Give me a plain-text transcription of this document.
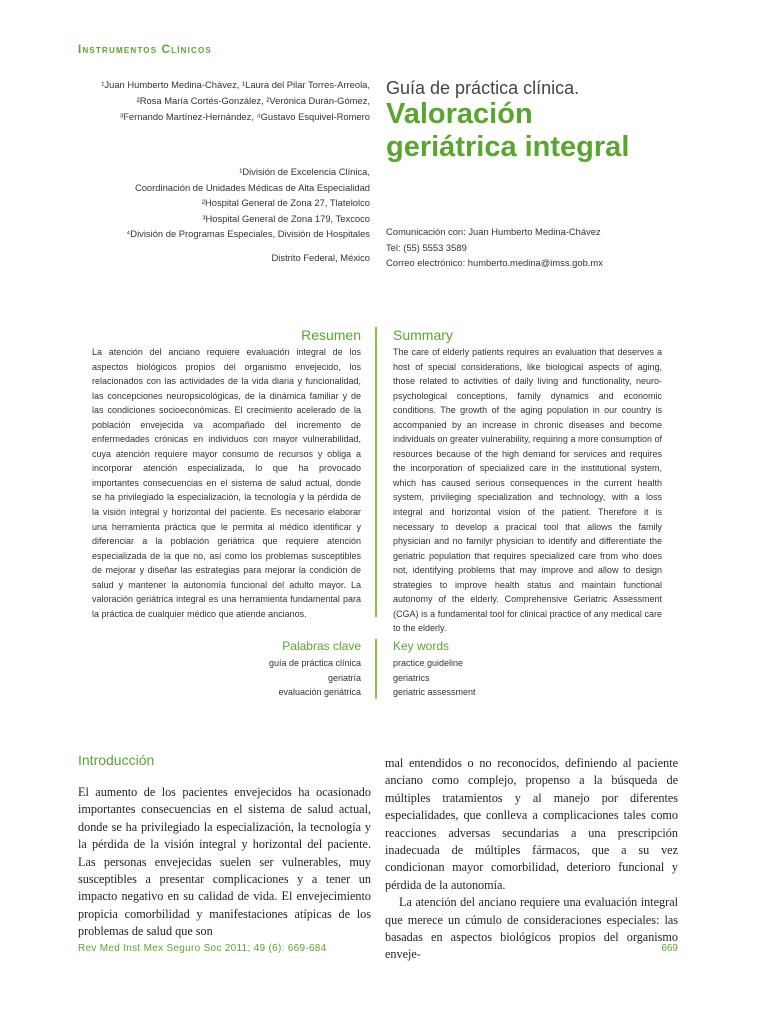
Instrumentos Clínicos
¹Juan Humberto Medina-Chávez, ¹Laura del Pilar Torres-Arreola,
²Rosa María Cortés-González, ²Verónica Durán-Gómez,
³Fernando Martínez-Hernández, ⁴Gustavo Esquivel-Romero
Guía de práctica clínica.
Valoración
geriátrica integral
¹División de Excelencia Clínica,
Coordinación de Unidades Médicas de Alta Especialidad
²Hospital General de Zona 27, Tlatelolco
³Hospital General de Zona 179, Texcoco
⁴División de Programas Especiales, División de Hospitales
Distrito Federal, México
Comunicación con: Juan Humberto Medina-Chávez
Tel: (55) 5553 3589
Correo electrónico: humberto.medina@imss.gob.mx
Resumen Summary
La atención del anciano requiere evaluación integral de los aspectos biológicos propios del organismo envejecido, los relacionados con las actividades de la vida diaria y funcionalidad, las concepciones neuropsicológicas, de la dinámica familiar y de las condiciones socioeconómicas. El crecimiento acelerado de la población envejecida va acompañado del incremento de enfermedades crónicas en individuos con mayor vulnerabilidad, cuya atención requiere mayor consumo de recursos y obliga a incorporar atención especializada, lo que ha provocado importantes consecuencias en el sistema de salud actual, donde se ha privilegiado la especialización, la tecnología y la pérdida de la visión integral y horizontal del paciente. Es necesario elaborar una herramienta práctica que le permita al médico identificar y diferenciar a la población geriátrica que requiere atención especializada de la que no, así como los problemas susceptibles de mejorar y diseñar las estrategias para mejorar la condición de salud y mantener la autonomía funcional del adulto mayor. La valoración geriátrica integral es una herramienta fundamental para la práctica de cualquier médico que atiende ancianos.
The care of elderly patients requires an evaluation that deserves a host of special considerations, like biological aspects of aging, those related to activities of daily living and functionality, neuro-psychological conceptions, family dynamics and economic conditions. The growth of the aging population in our country is accompanied by an increase in chronic diseases and become individuals on greater vulnerability, requiring a more consumption of resources because of the high demand for services and requires the incorporation of specialized care in the institutional system, which has caused serious consequences in the current health system, privileging specialization and technology, with a loss integral and horizontal vision of the patient. Therefore it is necessary to develop a pracical tool that allows the family physician and no familyr physician to identify and differentiate the geriatric population that requires specialized care from who does not, identifying problems that may improve and allow to design strategies to improve health status and maintain functional autonomy of the elderly. Comprehensive Geriatric Assessment (CGA) is a fundamental tool for clinical practice of any medical care to the elderly.
Palabras clave	Key words
guía de práctica clínica
geriatría
evaluación geriátrica
practice guideline
geriatrics
geriatric assessment
Introducción

El aumento de los pacientes envejecidos ha ocasionado importantes consecuencias en el sistema de salud actual, donde se ha privilegiado la especialización, la tecnología y la pérdida de la visión integral y horizontal del paciente. Las personas envejecidas suelen ser vulnerables, muy susceptibles a presentar complicaciones y a tener un impacto negativo en su calidad de vida. El envejecimiento propicia comorbilidad y manifestaciones atípicas de los problemas de salud que son

mal entendidos o no reconocidos, definiendo al paciente anciano como complejo, propenso a la búsqueda de múltiples tratamientos y al manejo por diferentes especialidades, que conlleva a complicaciones tales como reacciones adversas secundarias a una prescripción inadecuada de múltiples fármacos, que a su vez condicionan mayor comorbilidad, deterioro funcional y pérdida de la autonomía.

La atención del anciano requiere una evaluación integral que merece un cúmulo de consideraciones especiales: las basadas en aspectos biológicos propios del organismo enveje-

Rev Med Inst Mex Seguro Soc 2011; 49 (6): 669-684	669
